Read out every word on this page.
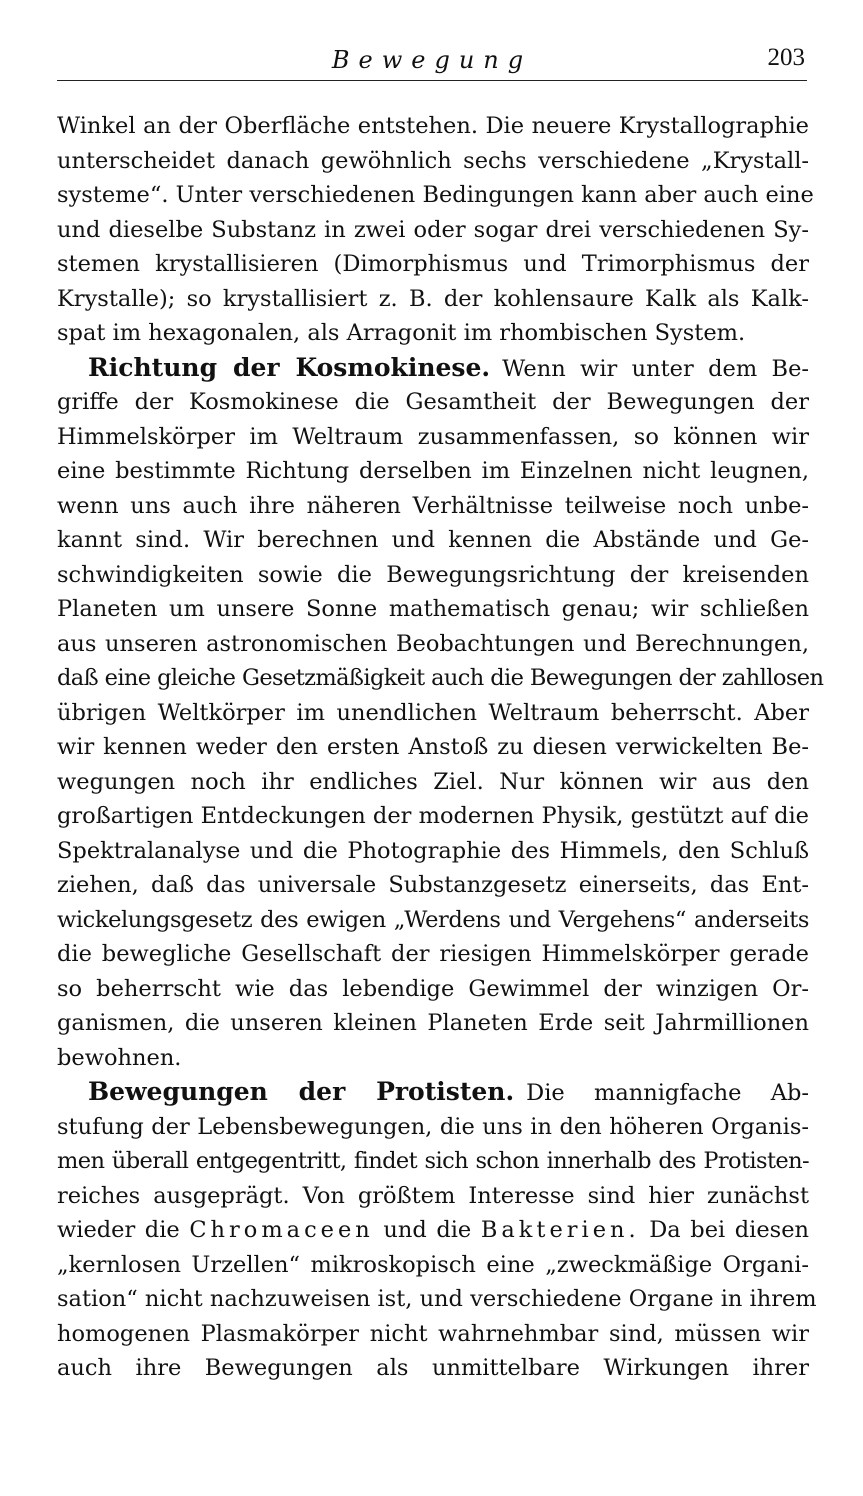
Bewegung	203
Winkel an der Oberfläche entstehen. Die neuere Krystallographie
unterscheidet danach gewöhnlich sechs verschiedene „Krystall-
systeme“. Unter verschiedenen Bedingungen kann aber auch eine
und dieselbe Substanz in zwei oder sogar drei verschiedenen Sy-
stemen krystallisieren (Dimorphismus und Trimorphismus der
Krystalle); so krystallisiert z. B. der kohlensaure Kalk als Kalk-
spat im hexagonalen, als Arragonit im rhombischen System.
Richtung der Kosmokinese. Wenn wir unter dem Be-
griffe der Kosmokinese die Gesamtheit der Bewegungen der
Himmelskörper im Weltraum zusammenfassen, so können wir
eine bestimmte Richtung derselben im Einzelnen nicht leugnen,
wenn uns auch ihre näheren Verhältnisse teilweise noch unbe-
kannt sind. Wir berechnen und kennen die Abstände und Ge-
schwindigkeiten sowie die Bewegungsrichtung der kreisenden
Planeten um unsere Sonne mathematisch genau; wir schließen
aus unseren astronomischen Beobachtungen und Berechnungen,
daß eine gleiche Gesetzmäßigkeit auch die Bewegungen der zahllosen
übrigen Weltkörper im unendlichen Weltraum beherrscht. Aber
wir kennen weder den ersten Anstoß zu diesen verwickelten Be-
wegungen noch ihr endliches Ziel. Nur können wir aus den
großartigen Entdeckungen der modernen Physik, gestützt auf die
Spektralanalyse und die Photographie des Himmels, den Schluß
ziehen, daß das universale Substanzgesetz einerseits, das Ent-
wickelungsgesetz des ewigen „Werdens und Vergehens“ anderseits
die bewegliche Gesellschaft der riesigen Himmelskörper gerade
so beherrscht wie das lebendige Gewimmel der winzigen Or-
ganismen, die unseren kleinen Planeten Erde seit Jahrmillionen
bewohnen.
Bewegungen der Protisten. Die mannigfache Ab-
stufung der Lebensbewegungen, die uns in den höheren Organis-
men überall entgegentritt, findet sich schon innerhalb des Protisten-
reiches ausgeprägt. Von größtem Interesse sind hier zunächst
wieder die Chromaceen und die Bakterien. Da bei diesen
„kernlosen Urzellen“ mikroskopisch eine „zweckmäßige Organi-
sation“ nicht nachzuweisen ist, und verschiedene Organe in ihrem
homogenen Plasmakörper nicht wahrnehmbar sind, müssen wir
auch ihre Bewegungen als unmittelbare Wirkungen ihrer
